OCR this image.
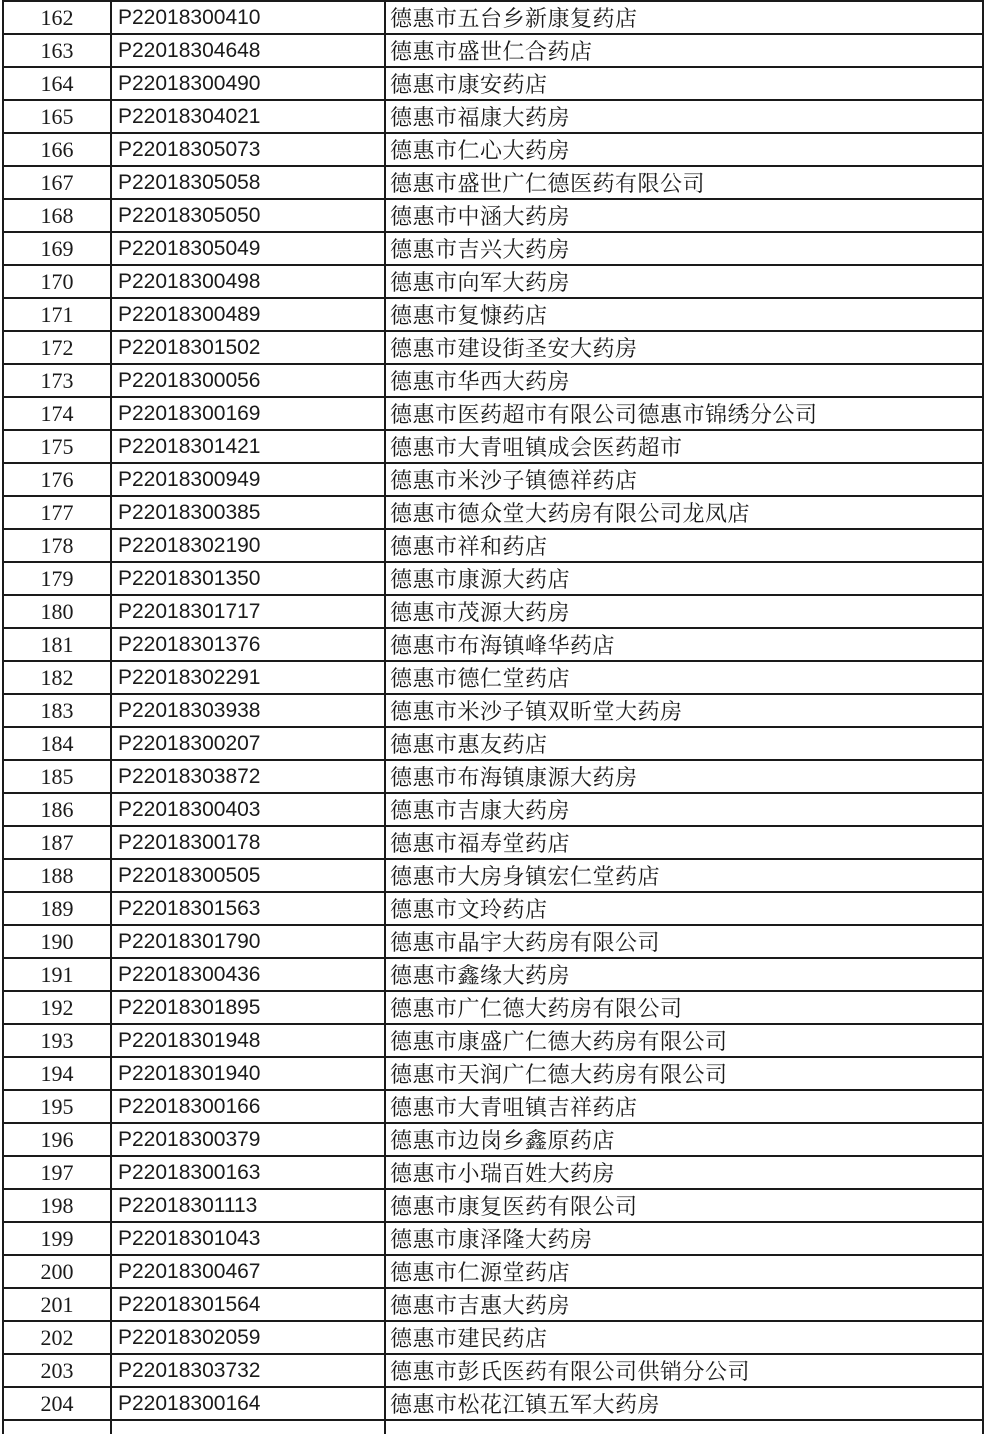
162	P22018300410	德惠市五台乡新康复药店
163	P22018304648	德惠市盛世仁合药店
164	P22018300490	德惠市康安药店
165	P22018304021	德惠市福康大药房
166	P22018305073	德惠市仁心大药房
167	P22018305058	德惠市盛世广仁德医药有限公司
168	P22018305050	德惠市中涵大药房
169	P22018305049	德惠市吉兴大药房
170	P22018300498	德惠市向军大药房
171	P22018300489	德惠市复慷药店
172	P22018301502	德惠市建设街圣安大药房
173	P22018300056	德惠市华西大药房
174	P22018300169	德惠市医药超市有限公司德惠市锦绣分公司
175	P22018301421	德惠市大青咀镇成会医药超市
176	P22018300949	德惠市米沙子镇德祥药店
177	P22018300385	德惠市德众堂大药房有限公司龙凤店
178	P22018302190	德惠市祥和药店
179	P22018301350	德惠市康源大药店
180	P22018301717	德惠市茂源大药房
181	P22018301376	德惠市布海镇峰华药店
182	P22018302291	德惠市德仁堂药店
183	P22018303938	德惠市米沙子镇双昕堂大药房
184	P22018300207	德惠市惠友药店
185	P22018303872	德惠市布海镇康源大药房
186	P22018300403	德惠市吉康大药房
187	P22018300178	德惠市福寿堂药店
188	P22018300505	德惠市大房身镇宏仁堂药店
189	P22018301563	德惠市文玲药店
190	P22018301790	德惠市晶宇大药房有限公司
191	P22018300436	德惠市鑫缘大药房
192	P22018301895	德惠市广仁德大药房有限公司
193	P22018301948	德惠市康盛广仁德大药房有限公司
194	P22018301940	德惠市天润广仁德大药房有限公司
195	P22018300166	德惠市大青咀镇吉祥药店
196	P22018300379	德惠市边岗乡鑫原药店
197	P22018300163	德惠市小瑞百姓大药房
198	P22018301113	德惠市康复医药有限公司
199	P22018301043	德惠市康泽隆大药房
200	P22018300467	德惠市仁源堂药店
201	P22018301564	德惠市吉惠大药房
202	P22018302059	德惠市建民药店
203	P22018303732	德惠市彭氏医药有限公司供销分公司
204	P22018300164	德惠市松花江镇五军大药房
